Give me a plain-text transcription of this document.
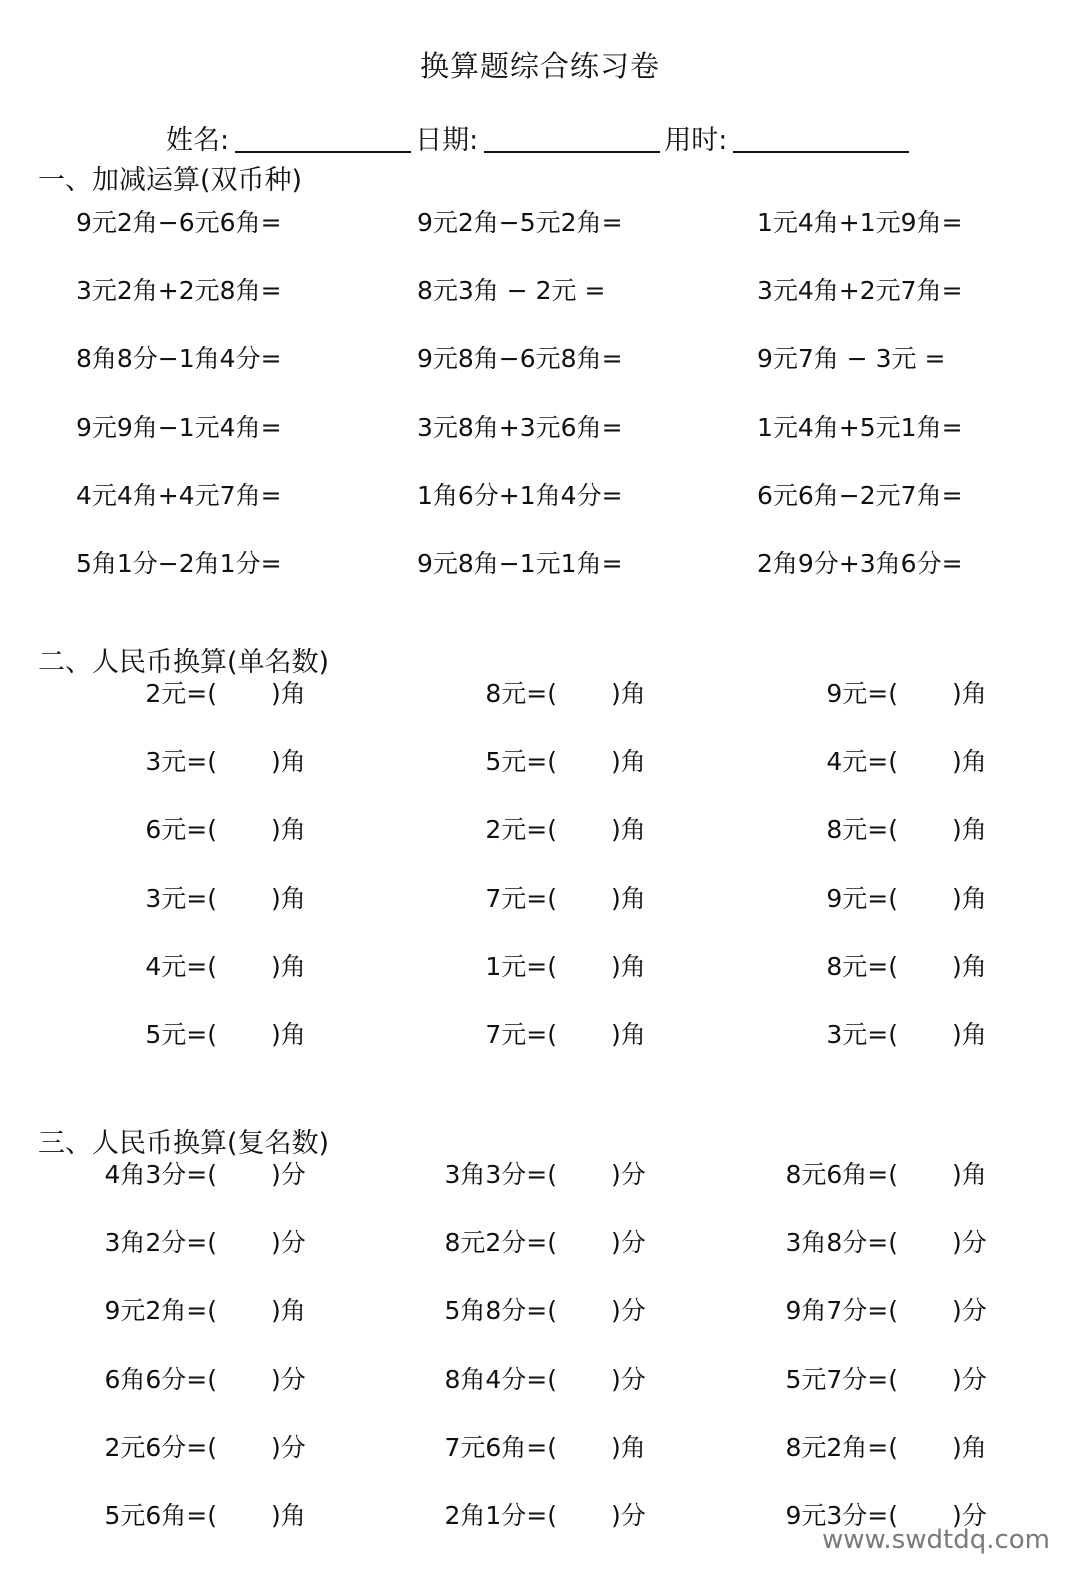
换算题综合练习卷
姓名:	日期:	用时:
一、加减运算(双币种)
9元2角−6元6角=	9元2角−5元2角=	1元4角+1元9角=
3元2角+2元8角=	8元3角 − 2元 =	3元4角+2元7角=
8角8分−1角4分=	9元8角−6元8角=	9元7角 − 3元 =
9元9角−1元4角=	3元8角+3元6角=	1元4角+5元1角=
4元4角+4元7角=	1角6分+1角4分=	6元6角−2元7角=
5角1分−2角1分=	9元8角−1元1角=	2角9分+3角6分=
二、人民币换算(单名数)
2元=( )角	8元=( )角	9元=( )角
3元=( )角	5元=( )角	4元=( )角
6元=( )角	2元=( )角	8元=( )角
3元=( )角	7元=( )角	9元=( )角
4元=( )角	1元=( )角	8元=( )角
5元=( )角	7元=( )角	3元=( )角
三、人民币换算(复名数)
4角3分=( )分	3角3分=( )分	8元6角=( )角
3角2分=( )分	8元2分=( )分	3角8分=( )分
9元2角=( )角	5角8分=( )分	9角7分=( )分
6角6分=( )分	8角4分=( )分	5元7分=( )分
2元6分=( )分	7元6角=( )角	8元2角=( )角
5元6角=( )角	2角1分=( )分	9元3分=( )分
www.swdtdq.com
